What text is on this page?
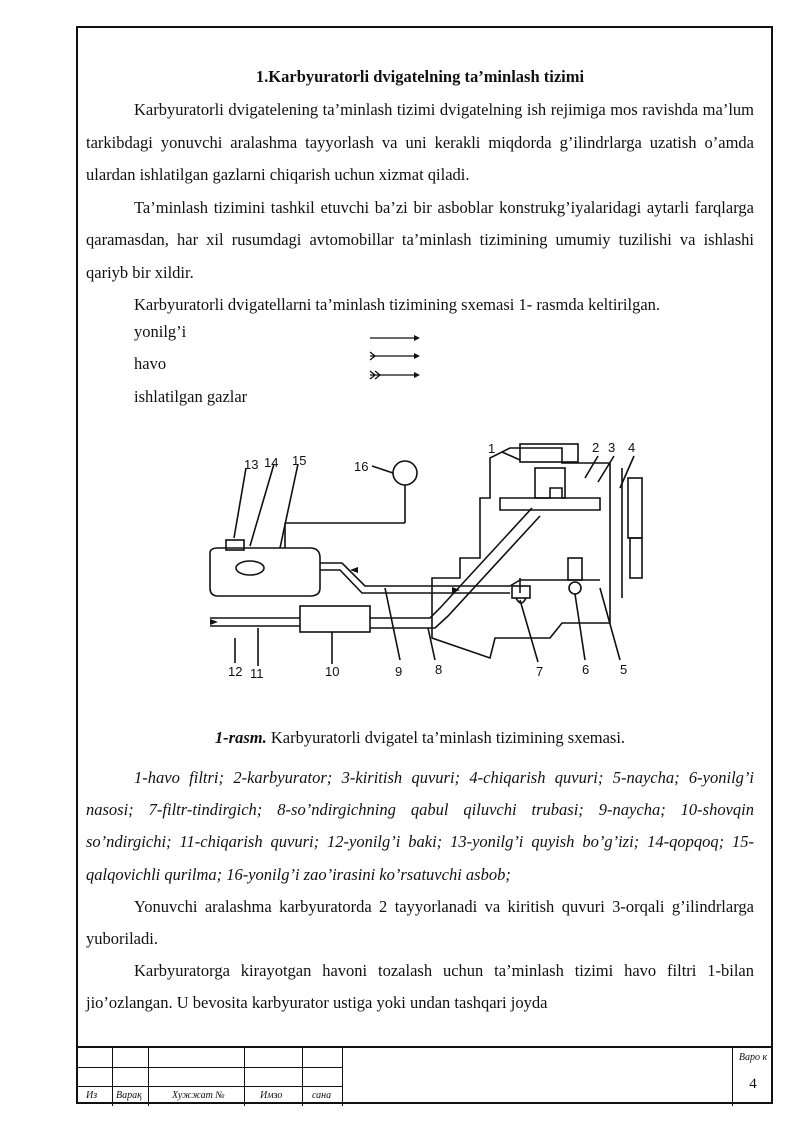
1.Karbyuratorli dvigatelning ta’minlash tizimi

Karbyuratorli dvigatelening ta’minlash tizimi dvigatelning ish rejimiga mos ravishda ma’lum tarkibdagi yonuvchi aralashma tayyorlash va uni kerakli miqdorda g’ilindrlarga uzatish o’amda ulardan ishlatilgan gazlarni chiqarish uchun xizmat qiladi.

Ta’minlash tizimini tashkil etuvchi ba’zi bir asboblar konstrukg’iyalaridagi aytarli farqlarga qaramasdan, har xil rusumdagi avtomobillar ta’minlash tizimining umumiy tuzilishi va ishlashi qariyb bir xildir.

Karbyuratorli dvigatellarni ta’minlash tizimining sxemasi 1- rasmda keltirilgan.

yonilg’i
havo
ishlatilgan gazlar
1	2 3 4
5
6
7
8
9
10
11
12
13 14 15	16
1-rasm. Karbyuratorli dvigatel ta’minlash tizimining sxemasi.

1-havo filtri; 2-karbyurator; 3-kiritish quvuri; 4-chiqarish quvuri; 5-naycha; 6-yonilg’i nasosi; 7-filtr-tindirgich; 8-so’ndirgichning qabul qiluvchi trubasi; 9-naycha; 10-shovqin so’ndirgichi; 11-chiqarish quvuri; 12-yonilg’i baki; 13-yonilg’i quyish bo’g’izi; 14-qopqoq; 15-qalqovichli qurilma; 16-yonilg’i zao’irasini ko’rsatuvchi asbob;

Yonuvchi aralashma karbyuratorda 2 tayyorlanadi va kiritish quvuri 3-orqali g’ilindrlarga yuboriladi.

Karbyuratorga kirayotgan havoni tozalash uchun ta’minlash tizimi havo filtri 1-bilan jio’ozlangan. U bevosita karbyurator ustiga yoki undan tashqari joyda

Из Варақ	Хужжат №	Имзо	сана
Варо к
4
